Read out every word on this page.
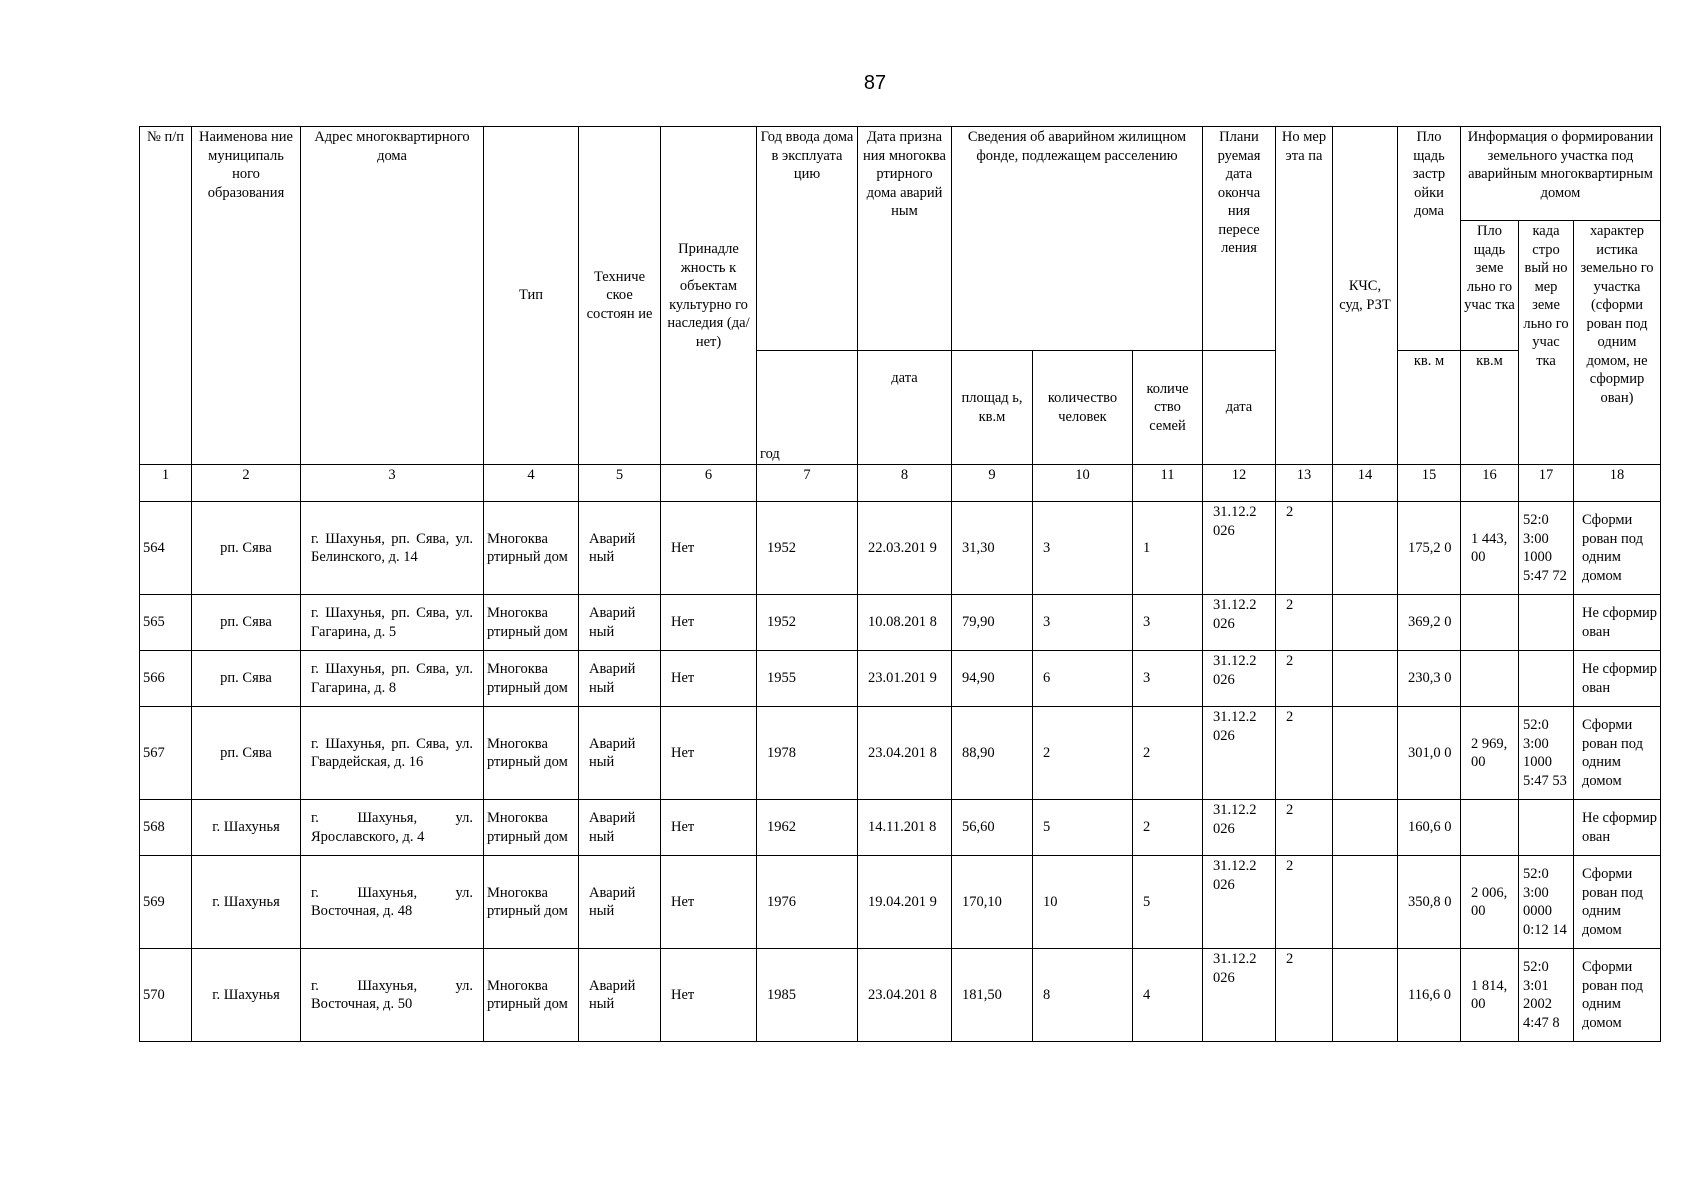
87
№ п/п	Наименова ние муниципаль ного образования	Адрес многоквартирного дома	Тип	Техниче ское состоян ие	Принадле жность к объектам культурно го наследия (да/нет)	Год ввода дома в эксплуата цию	Дата призна ния многоква ртирного дома аварий ным	Сведения об аварийном жилищном фонде, подлежащем расселению			Плани руемая дата оконча ния пересе ления	Но мер эта па	КЧС, суд, РЗТ	Пло щадь застр ойки дома	Информация о формировании земельного участка под аварийным многоквартирным домом		
															Пло щадь земе льно го учас тка	када стро вый но мер земе льно го учас тка	характер истика земельно го участка (сформи рован под одним домом, не сформир ован)
						год	дата	площад ь, кв.м	количество человек	количе ство семей	дата			кв. м	кв.м		
1	2	3	4	5	6	7	8	9	10	11	12	13	14	15	16	17	18
564	рп. Сява	г. Шахунья, рп. Сява, ул. Белинского, д. 14	Многоква ртирный дом	Аварий ный	Нет	1952	22.03.201 9	31,30	3	1	31.12.2 026	2		175,2 0	1 443, 00	52:0 3:00 1000 5:47 72	Сформи рован под одним домом
565	рп. Сява	г. Шахунья, рп. Сява, ул. Гагарина, д. 5	Многоква ртирный дом	Аварий ный	Нет	1952	10.08.201 8	79,90	3	3	31.12.2 026	2		369,2 0			Не сформир ован
566	рп. Сява	г. Шахунья, рп. Сява, ул. Гагарина, д. 8	Многоква ртирный дом	Аварий ный	Нет	1955	23.01.201 9	94,90	6	3	31.12.2 026	2		230,3 0			Не сформир ован
567	рп. Сява	г. Шахунья, рп. Сява, ул. Гвардейская, д. 16	Многоква ртирный дом	Аварий ный	Нет	1978	23.04.201 8	88,90	2	2	31.12.2 026	2		301,0 0	2 969, 00	52:0 3:00 1000 5:47 53	Сформи рован под одним домом
568	г. Шахунья	г. Шахунья, ул. Ярославского, д. 4	Многоква ртирный дом	Аварий ный	Нет	1962	14.11.201 8	56,60	5	2	31.12.2 026	2		160,6 0			Не сформир ован
569	г. Шахунья	г. Шахунья, ул. Восточная, д. 48	Многоква ртирный дом	Аварий ный	Нет	1976	19.04.201 9	170,10	10	5	31.12.2 026	2		350,8 0	2 006, 00	52:0 3:00 0000 0:12 14	Сформи рован под одним домом
570	г. Шахунья	г. Шахунья, ул. Восточная, д. 50	Многоква ртирный дом	Аварий ный	Нет	1985	23.04.201 8	181,50	8	4	31.12.2 026	2		116,6 0	1 814, 00	52:0 3:01 2002 4:47 8	Сформи рован под одним домом
